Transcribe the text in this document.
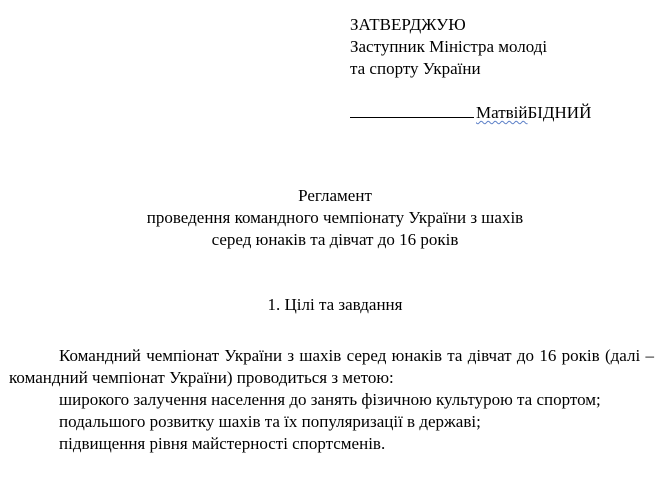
ЗАТВЕРДЖУЮ
Заступник Міністра молоді
та спорту України
МатвійБІДНИЙ
Регламент
проведення командного чемпіонату України з шахів
серед юнаків та дівчат до 16 років
1. Цілі та завдання

Командний чемпіонат України з шахів серед юнаків та дівчат до 16 років (далі – командний чемпіонат України) проводиться з метою:

широкого залучення населення до занять фізичною культурою та спортом;

подальшого розвитку шахів та їх популяризації в державі;

підвищення рівня майстерності спортсменів.
